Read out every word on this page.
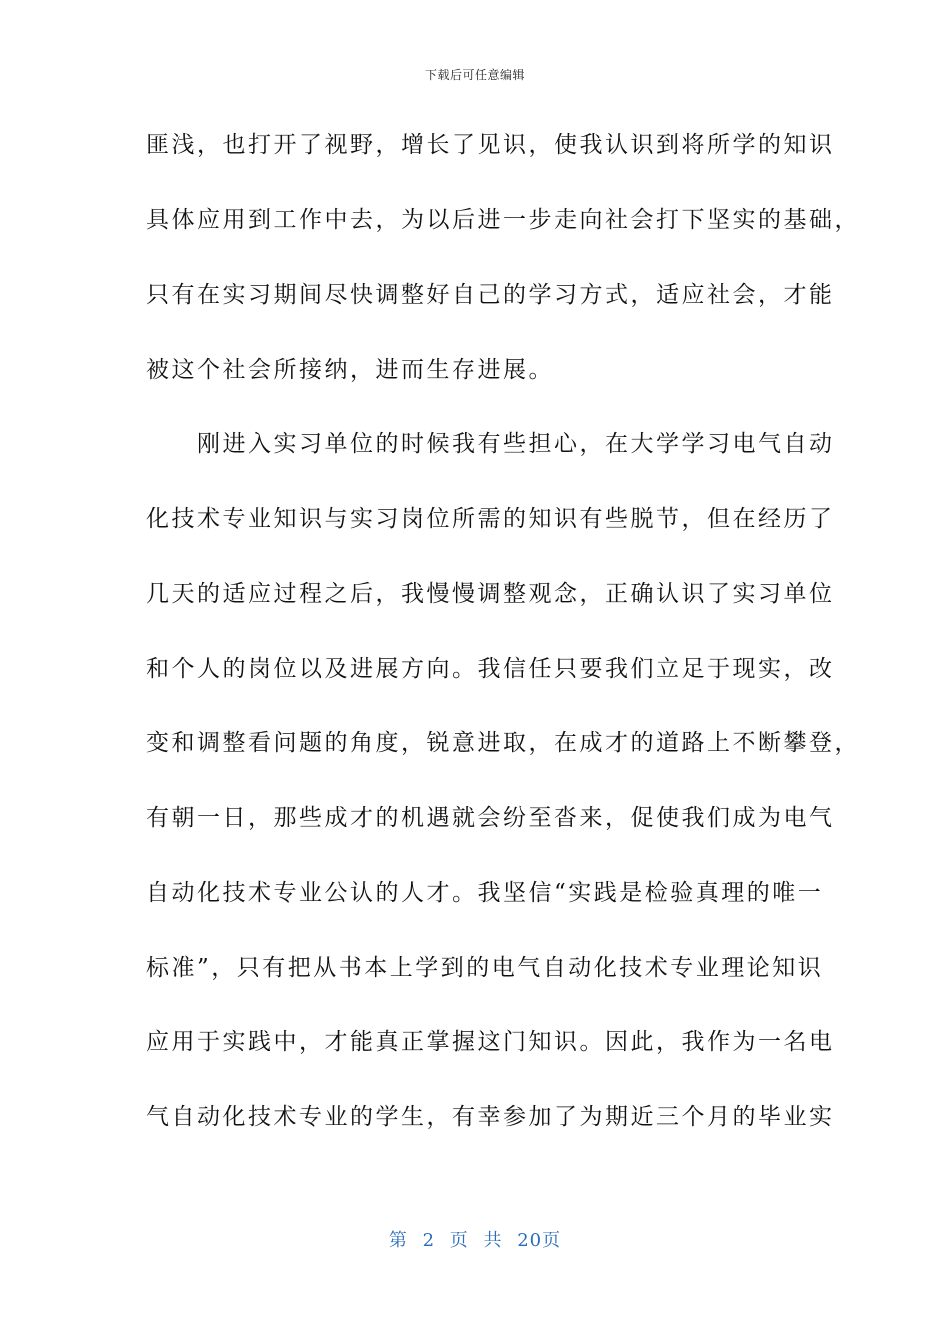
下载后可任意编辑
匪浅，也打开了视野，增长了见识，使我认识到将所学的知识
具体应用到工作中去，为以后进一步走向社会打下坚实的基础，
只有在实习期间尽快调整好自己的学习方式，适应社会，才能
被这个社会所接纳，进而生存进展。
　　刚进入实习单位的时候我有些担心，在大学学习电气自动
化技术专业知识与实习岗位所需的知识有些脱节，但在经历了
几天的适应过程之后，我慢慢调整观念，正确认识了实习单位
和个人的岗位以及进展方向。我信任只要我们立足于现实，改
变和调整看问题的角度，锐意进取，在成才的道路上不断攀登，
有朝一日，那些成才的机遇就会纷至沓来，促使我们成为电气
自动化技术专业公认的人才。我坚信“实践是检验真理的唯一
标准”，只有把从书本上学到的电气自动化技术专业理论知识
应用于实践中，才能真正掌握这门知识。因此，我作为一名电
气自动化技术专业的学生，有幸参加了为期近三个月的毕业实
第 2 页 共 20页
